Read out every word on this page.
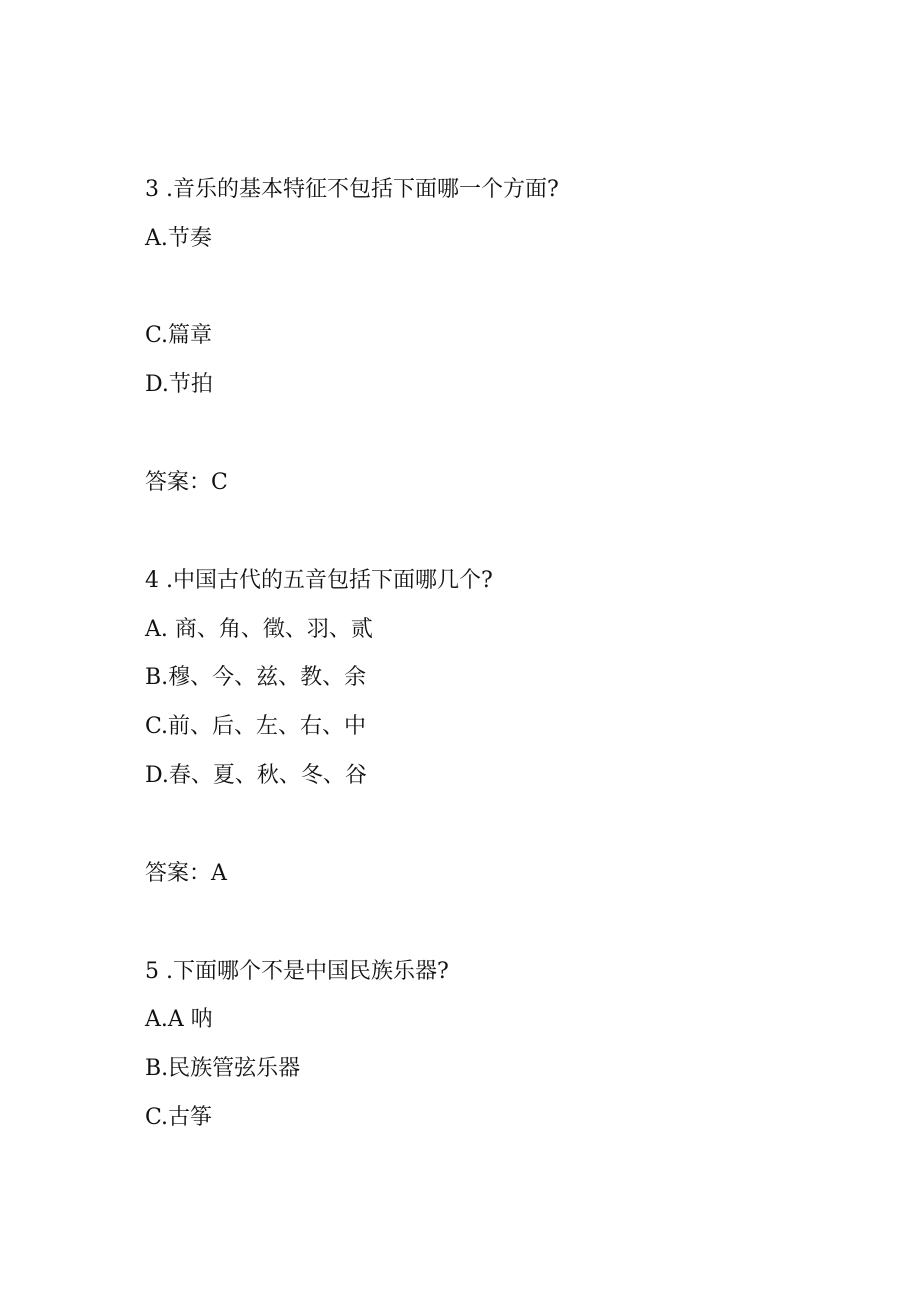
3 .音乐的基本特征不包括下面哪一个方面?
A.节奏
C.篇章
D.节拍
答案：C
4 .中国古代的五音包括下面哪几个?
A. 商、角、徵、羽、贰
B.穆、今、兹、教、余
C.前、后、左、右、中
D.春、夏、秋、冬、谷
答案：A
5 .下面哪个不是中国民族乐器?
A.A 呐
B.民族管弦乐器
C.古筝
